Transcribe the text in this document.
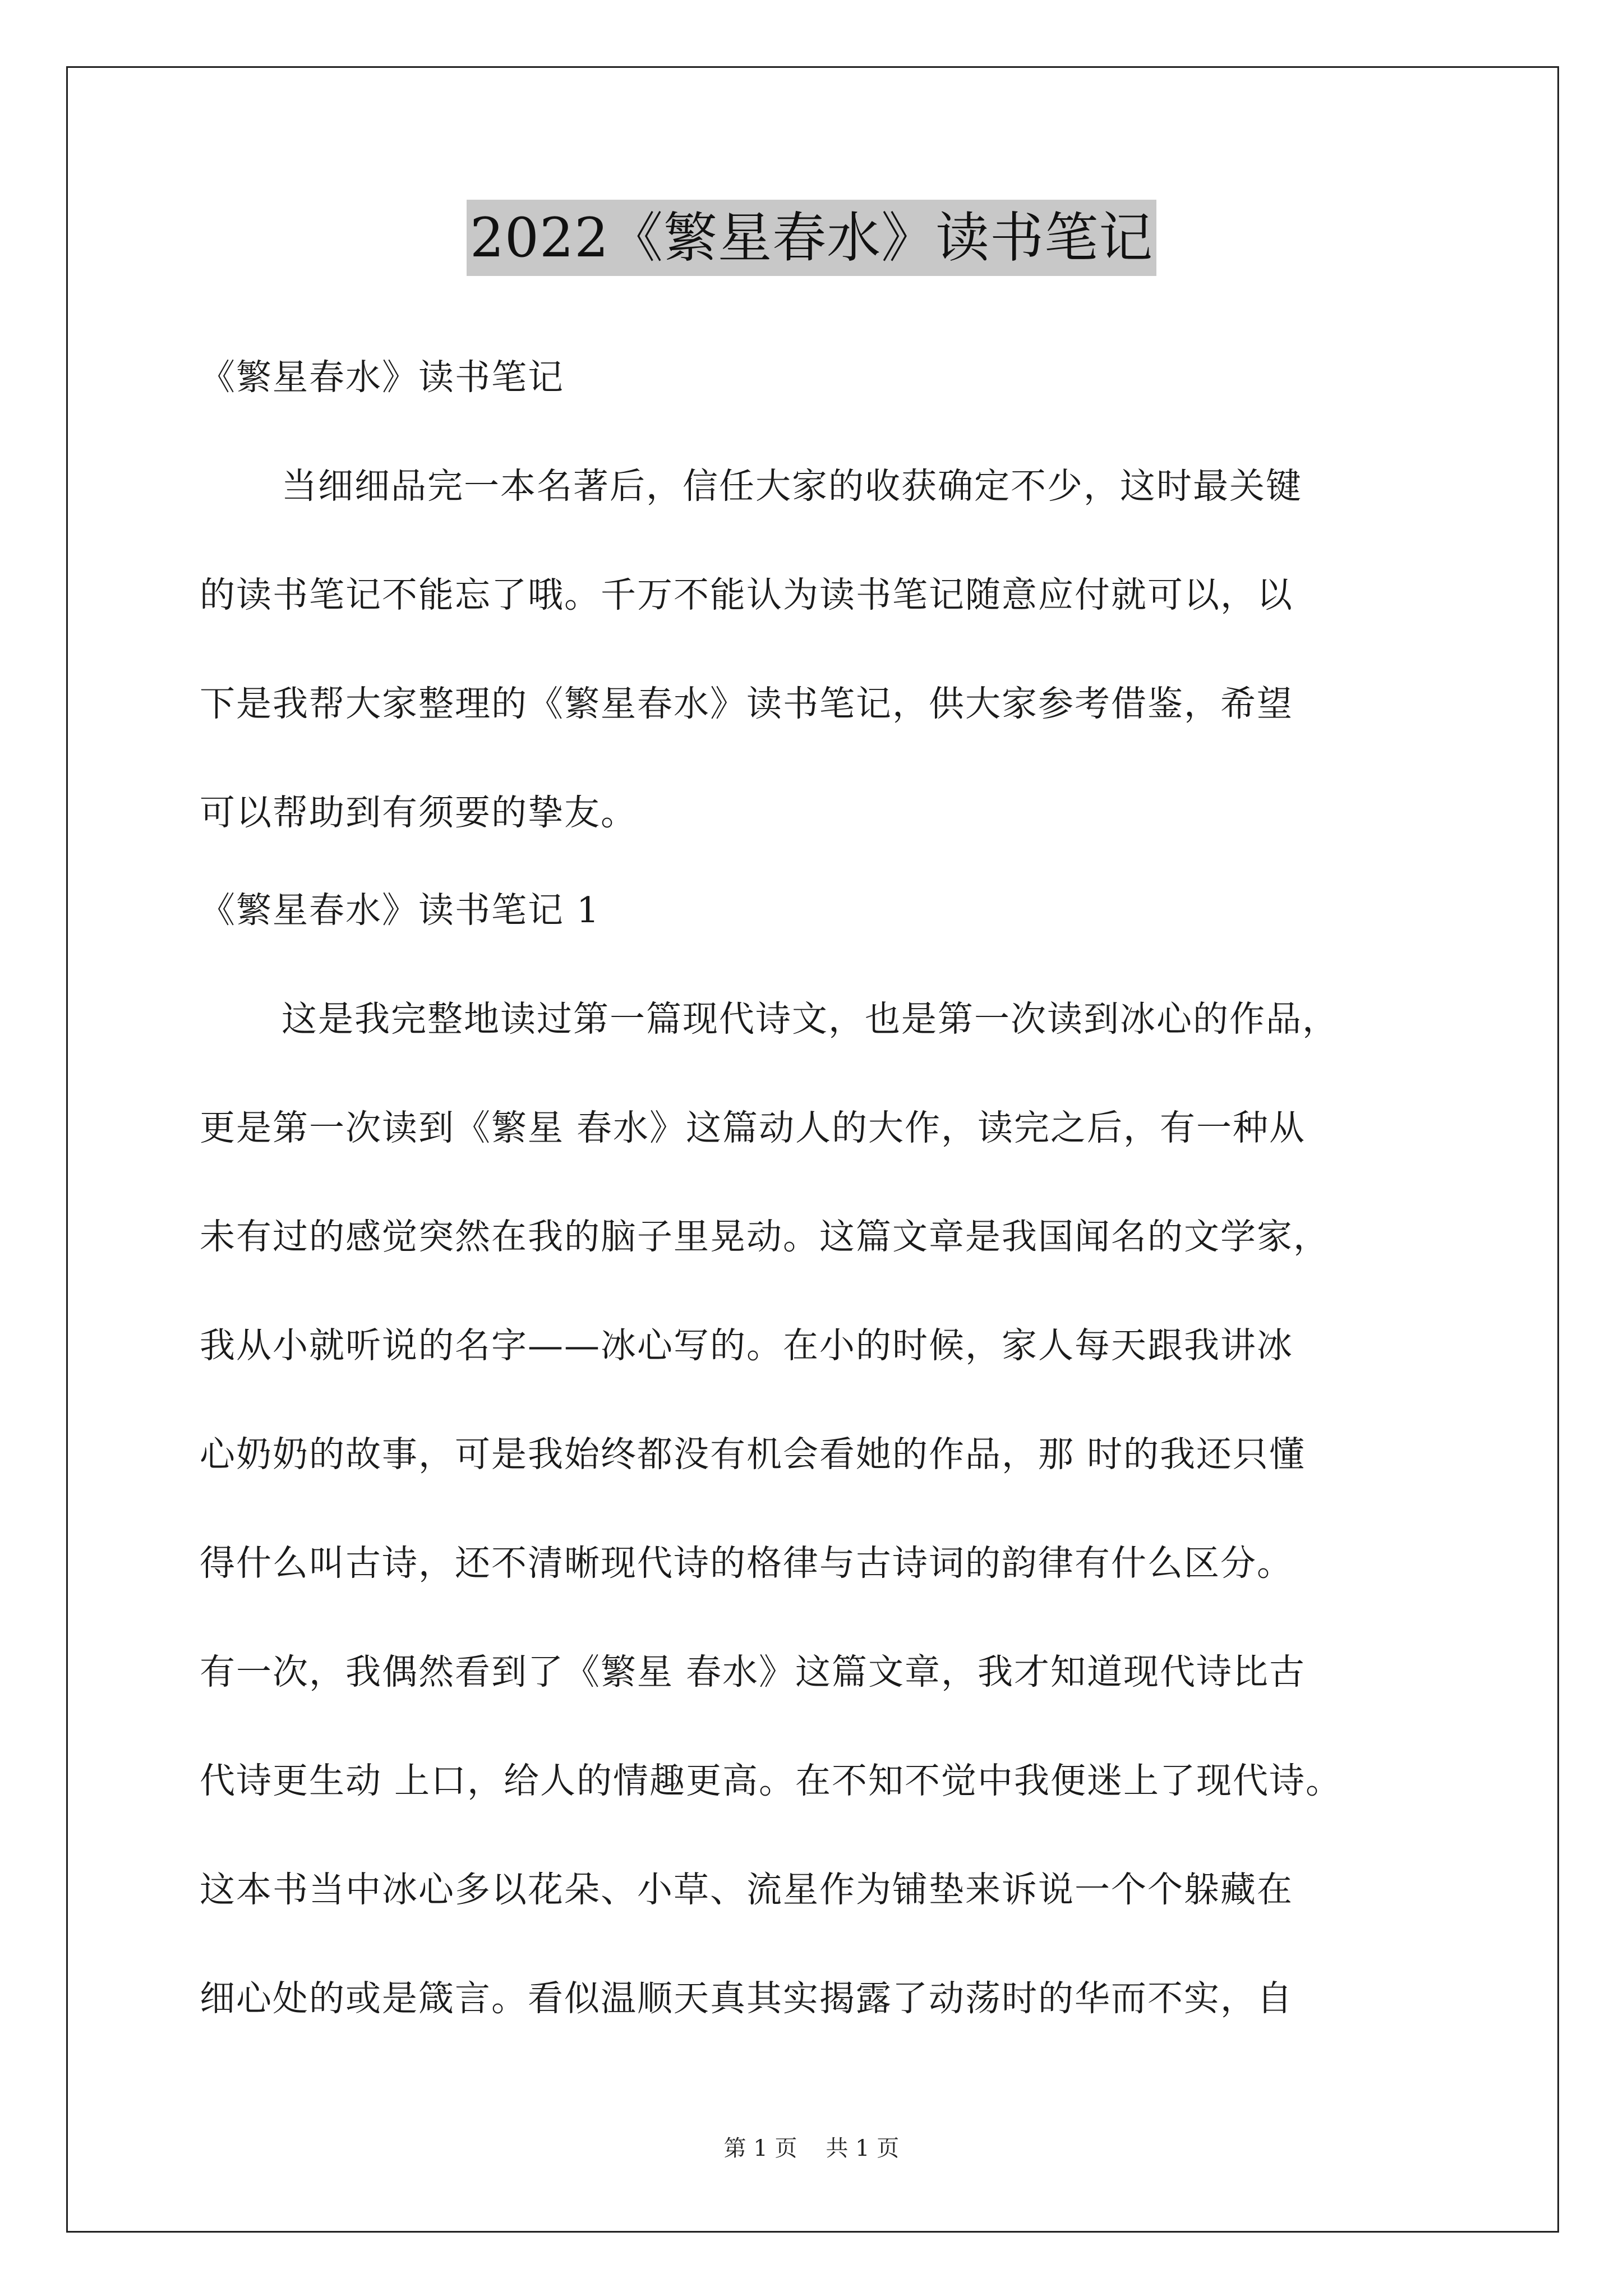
2022《繁星春水》读书笔记
《繁星春水》读书笔记
当细细品完一本名著后，信任大家的收获确定不少，这时最关键
的读书笔记不能忘了哦。千万不能认为读书笔记随意应付就可以，以
下是我帮大家整理的《繁星春水》读书笔记，供大家参考借鉴，希望
可以帮助到有须要的挚友。
《繁星春水》读书笔记 1
这是我完整地读过第一篇现代诗文，也是第一次读到冰心的作品，
更是第一次读到《繁星 春水》这篇动人的大作，读完之后，有一种从
未有过的感觉突然在我的脑子里晃动。这篇文章是我国闻名的文学家，
我从小就听说的名字——冰心写的。在小的时候，家人每天跟我讲冰
心奶奶的故事，可是我始终都没有机会看她的作品，那 时的我还只懂
得什么叫古诗，还不清晰现代诗的格律与古诗词的韵律有什么区分。
有一次，我偶然看到了《繁星 春水》这篇文章，我才知道现代诗比古
代诗更生动 上口，给人的情趣更高。在不知不觉中我便迷上了现代诗。
这本书当中冰心多以花朵、小草、流星作为铺垫来诉说一个个躲藏在
细心处的或是箴言。看似温顺天真其实揭露了动荡时的华而不实，自
第 1 页 共 1 页
